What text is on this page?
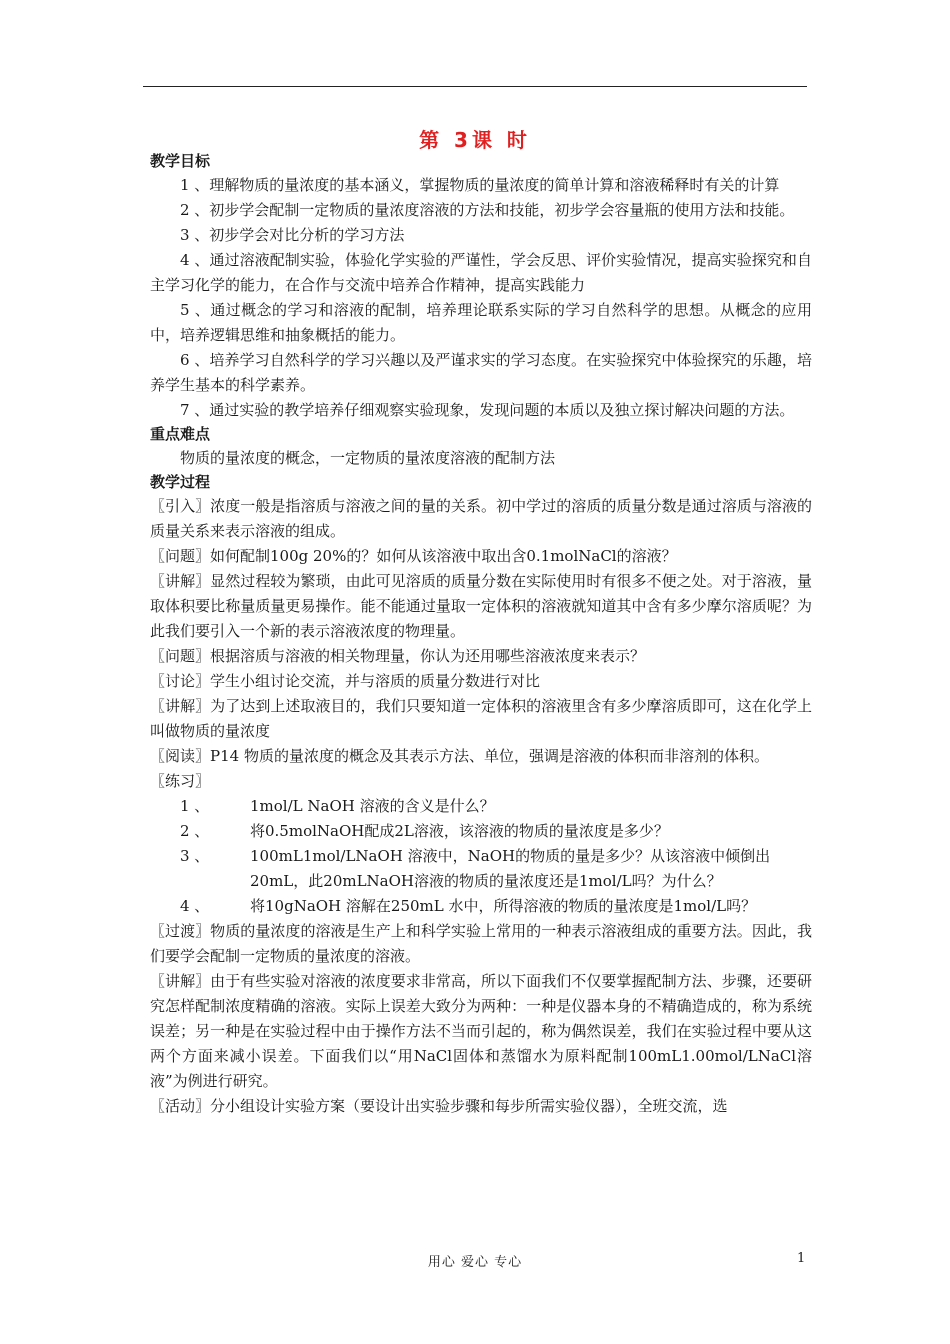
第 3课 时
教学目标

1 、理解物质的量浓度的基本涵义，掌握物质的量浓度的简单计算和溶液稀释时有关的计算

2 、初步学会配制一定物质的量浓度溶液的方法和技能，初步学会容量瓶的使用方法和技能。

3 、初步学会对比分析的学习方法

4 、通过溶液配制实验，体验化学实验的严谨性，学会反思、评价实验情况，提高实验探究和自主学习化学的能力，在合作与交流中培养合作精神，提高实践能力

5 、通过概念的学习和溶液的配制，培养理论联系实际的学习自然科学的思想。从概念的应用中，培养逻辑思维和抽象概括的能力。

6 、培养学习自然科学的学习兴趣以及严谨求实的学习态度。在实验探究中体验探究的乐趣，培养学生基本的科学素养。

7 、通过实验的教学培养仔细观察实验现象，发现问题的本质以及独立探讨解决问题的方法。

重点难点

物质的量浓度的概念，一定物质的量浓度溶液的配制方法

教学过程

〖引入〗浓度一般是指溶质与溶液之间的量的关系。初中学过的溶质的质量分数是通过溶质与溶液的质量关系来表示溶液的组成。

〖问题〗如何配制100g 20%的？如何从该溶液中取出含0.1molNaCl的溶液？

〖讲解〗显然过程较为繁琐，由此可见溶质的质量分数在实际使用时有很多不便之处。对于溶液，量取体积要比称量质量更易操作。能不能通过量取一定体积的溶液就知道其中含有多少摩尔溶质呢？为此我们要引入一个新的表示溶液浓度的物理量。

〖问题〗根据溶质与溶液的相关物理量，你认为还用哪些溶液浓度来表示？

〖讨论〗学生小组讨论交流，并与溶质的质量分数进行对比

〖讲解〗为了达到上述取液目的，我们只要知道一定体积的溶液里含有多少摩溶质即可，这在化学上叫做物质的量浓度

〖阅读〗P14 物质的量浓度的概念及其表示方法、单位，强调是溶液的体积而非溶剂的体积。

〖练习〗

1 、	1mol/L NaOH 溶液的含义是什么？
2 、	将0.5molNaOH配成2L溶液，该溶液的物质的量浓度是多少？
3 、	100mL1mol/LNaOH 溶液中，NaOH的物质的量是多少？从该溶液中倾倒出20mL，此20mLNaOH溶液的物质的量浓度还是1mol/L吗？为什么？
4 、	将10gNaOH 溶解在250mL 水中，所得溶液的物质的量浓度是1mol/L吗？

〖过渡〗物质的量浓度的溶液是生产上和科学实验上常用的一种表示溶液组成的重要方法。因此，我们要学会配制一定物质的量浓度的溶液。

〖讲解〗由于有些实验对溶液的浓度要求非常高，所以下面我们不仅要掌握配制方法、步骤，还要研究怎样配制浓度精确的溶液。实际上误差大致分为两种：一种是仪器本身的不精确造成的，称为系统误差；另一种是在实验过程中由于操作方法不当而引起的，称为偶然误差，我们在实验过程中要从这两个方面来减小误差。下面我们以“用NaCl固体和蒸馏水为原料配制100mL1.00mol/LNaCl溶液”为例进行研究。

〖活动〗分小组设计实验方案（要设计出实验步骤和每步所需实验仪器），全班交流，选

用心 爱心 专心	1
